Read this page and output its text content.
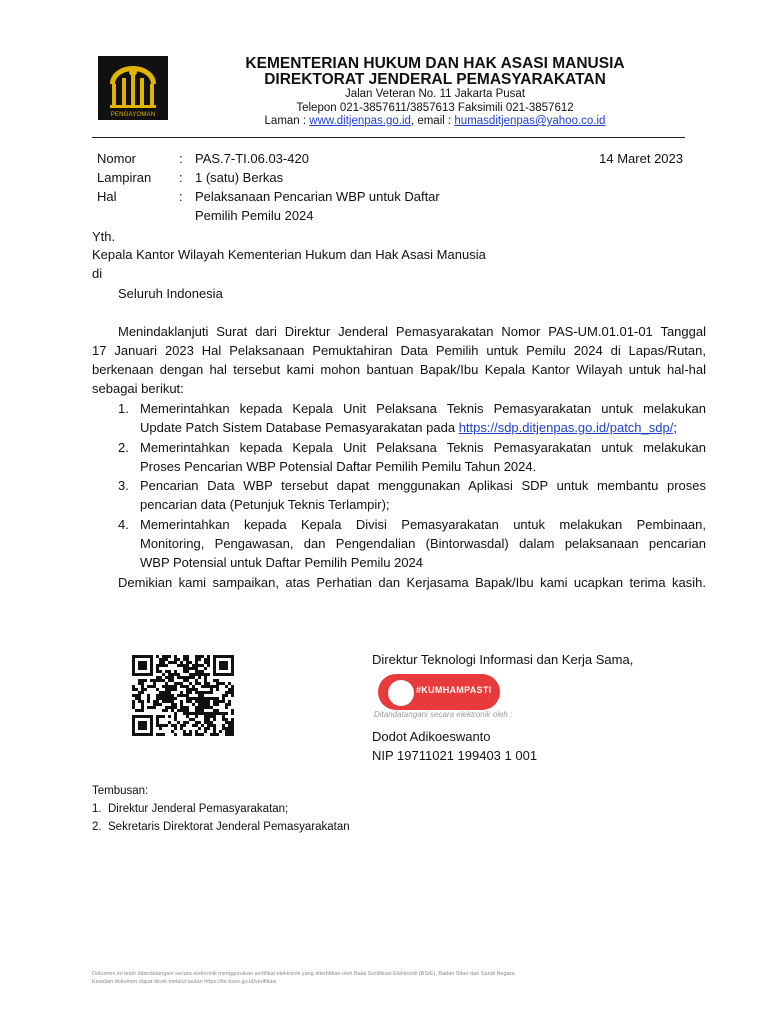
PENGAYOMAN
KEMENTERIAN HUKUM DAN HAK ASASI MANUSIA
DIREKTORAT JENDERAL PEMASYARAKATAN
Jalan Veteran No. 11 Jakarta Pusat
Telepon 021-3857611/3857613 Faksimili 021-3857612
Laman : www.ditjenpas.go.id, email : humasditjenpas@yahoo.co.id
Nomor	: PAS.7-TI.06.03-420	14 Maret 2023
Lampiran : 1 (satu) Berkas
Hal	: Pelaksanaan Pencarian WBP untuk Daftar
Pemilih Pemilu 2024
Yth.
Kepala Kantor Wilayah Kementerian Hukum dan Hak Asasi Manusia
di
Seluruh Indonesia
Menindaklanjuti Surat dari Direktur Jenderal Pemasyarakatan Nomor PAS-UM.01.01-01 Tanggal
17 Januari 2023 Hal Pelaksanaan Pemuktahiran Data Pemilih untuk Pemilu 2024 di Lapas/Rutan,
berkenaan dengan hal tersebut kami mohon bantuan Bapak/Ibu Kepala Kantor Wilayah untuk hal-hal
sebagai berikut:
1. Memerintahkan kepada Kepala Unit Pelaksana Teknis Pemasyarakatan untuk melakukan
Update Patch Sistem Database Pemasyarakatan pada https://sdp.ditjenpas.go.id/patch_sdp/;
2. Memerintahkan kepada Kepala Unit Pelaksana Teknis Pemasyarakatan untuk melakukan
Proses Pencarian WBP Potensial Daftar Pemilih Pemilu Tahun 2024.
3. Pencarian Data WBP tersebut dapat menggunakan Aplikasi SDP untuk membantu proses
pencarian data (Petunjuk Teknis Terlampir);
4. Memerintahkan kepada Kepala Divisi Pemasyarakatan untuk melakukan Pembinaan,
Monitoring, Pengawasan, dan Pengendalian (Bintorwasdal) dalam pelaksanaan pencarian
WBP Potensial untuk Daftar Pemilih Pemilu 2024
Demikian kami sampaikan, atas Perhatian dan Kerjasama Bapak/Ibu kami ucapkan terima kasih.
Direktur Teknologi Informasi dan Kerja Sama,
#KUMHAMPASTI
Ditandatangani secara elektronik oleh :
Dodot Adikoeswanto
NIP 19711021 199403 1 001
Tembusan:
1. Direktur Jenderal Pemasyarakatan;
2. Sekretaris Direktorat Jenderal Pemasyarakatan
Dokumen ini telah ditandatangani secara elektronik menggunakan sertifikat elektronik yang diterbitkan oleh Balai Sertifikasi Elektronik (BSrE), Badan Siber dan Sandi Negara
Keaslian dokumen dapat dicek melalui tautan https://tte.bssn.go.id/verifikasi
